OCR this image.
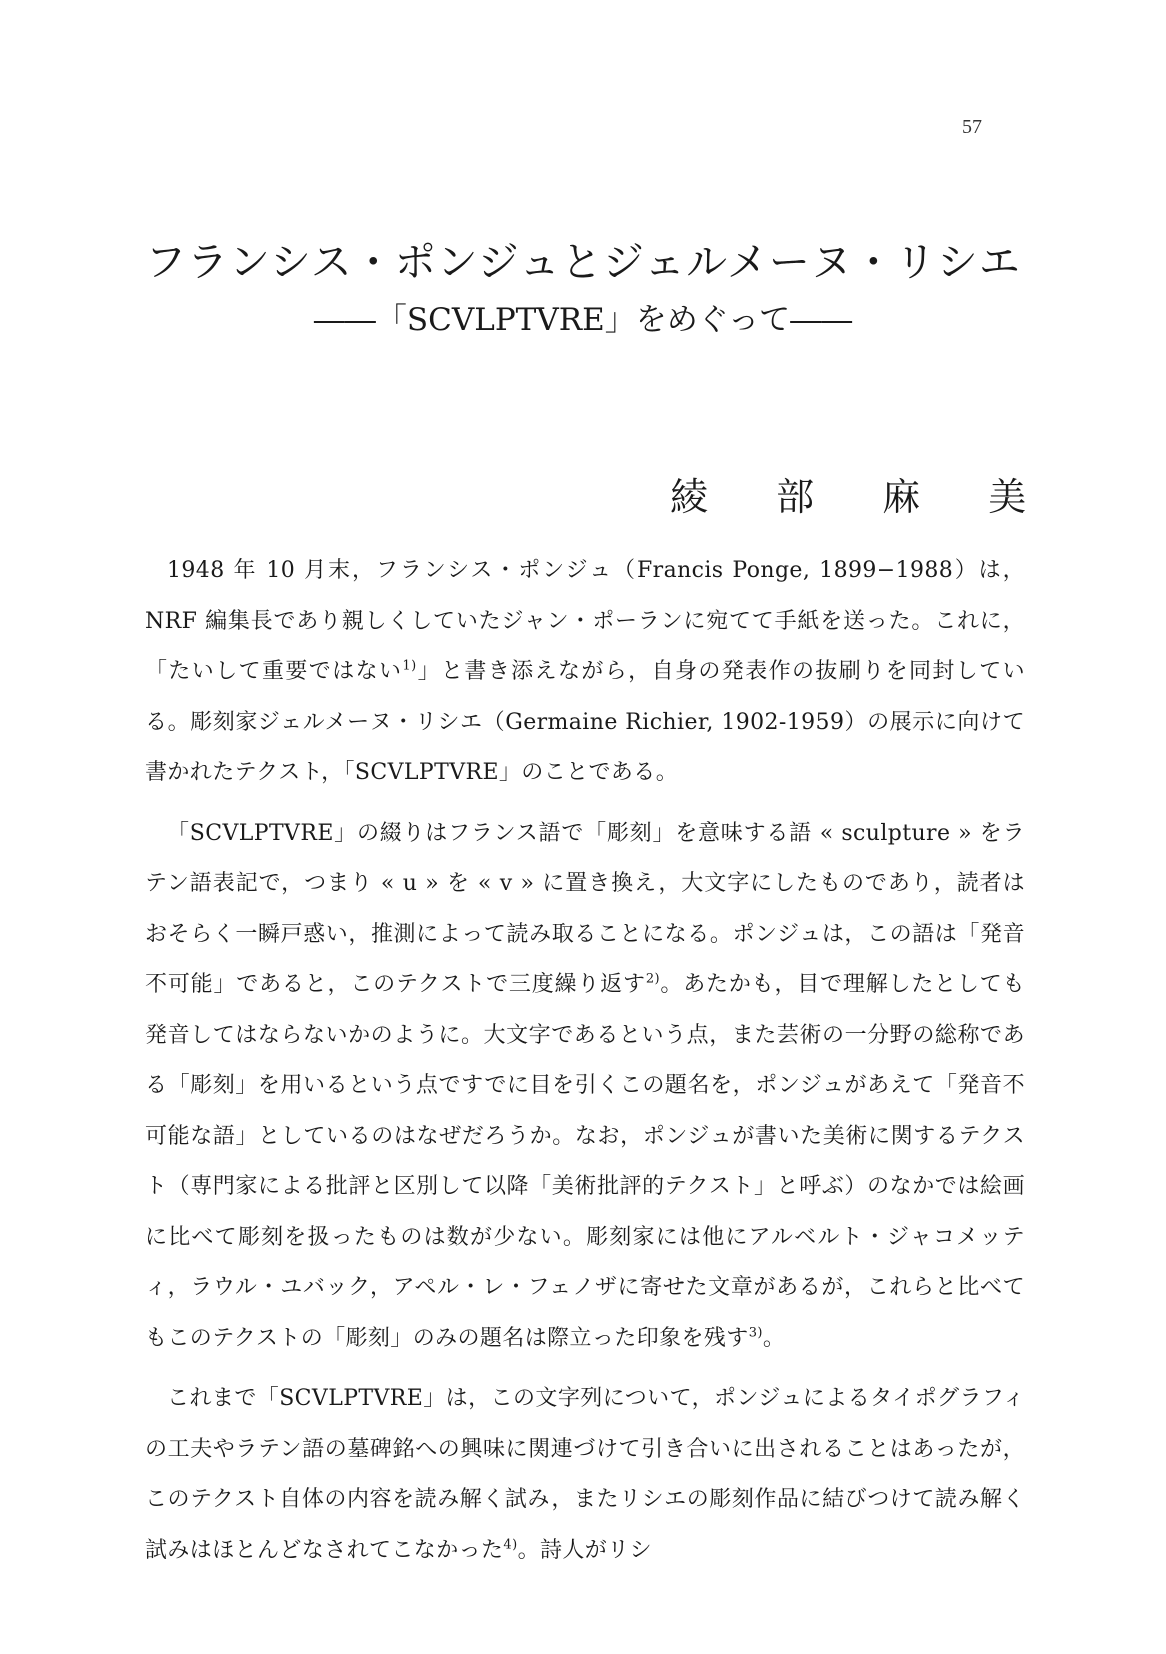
57
フランシス・ポンジュとジェルメーヌ・リシエ
――「SCVLPTVRE」をめぐって――
綾 部 麻 美

1948 年 10 月末，フランシス・ポンジュ（Francis Ponge, 1899−1988）は，NRF 編集長であり親しくしていたジャン・ポーランに宛てて手紙を送った。これに，「たいして重要ではない$^{1)}$」と書き添えながら，自身の発表作の抜刷りを同封している。彫刻家ジェルメーヌ・リシエ（Germaine Richier, 1902-1959）の展示に向けて書かれたテクスト，「SCVLPTVRE」のことである。

「SCVLPTVRE」の綴りはフランス語で「彫刻」を意味する語 « sculpture » をラテン語表記で，つまり « u » を « v » に置き換え，大文字にしたものであり，読者はおそらく一瞬戸惑い，推測によって読み取ることになる。ポンジュは，この語は「発音不可能」であると，このテクストで三度繰り返す$^{2)}$。あたかも，目で理解したとしても発音してはならないかのように。大文字であるという点，また芸術の一分野の総称である「彫刻」を用いるという点ですでに目を引くこの題名を，ポンジュがあえて「発音不可能な語」としているのはなぜだろうか。なお，ポンジュが書いた美術に関するテクスト（専門家による批評と区別して以降「美術批評的テクスト」と呼ぶ）のなかでは絵画に比べて彫刻を扱ったものは数が少ない。彫刻家には他にアルベルト・ジャコメッティ，ラウル・ユバック，アペル・レ・フェノザに寄せた文章があるが，これらと比べてもこのテクストの「彫刻」のみの題名は際立った印象を残す$^{3)}$。

これまで「SCVLPTVRE」は，この文字列について，ポンジュによるタイポグラフィの工夫やラテン語の墓碑銘への興味に関連づけて引き合いに出されることはあったが，このテクスト自体の内容を読み解く試み，またリシエの彫刻作品に結びつけて読み解く試みはほとんどなされてこなかった$^{4)}$。詩人がリシ
